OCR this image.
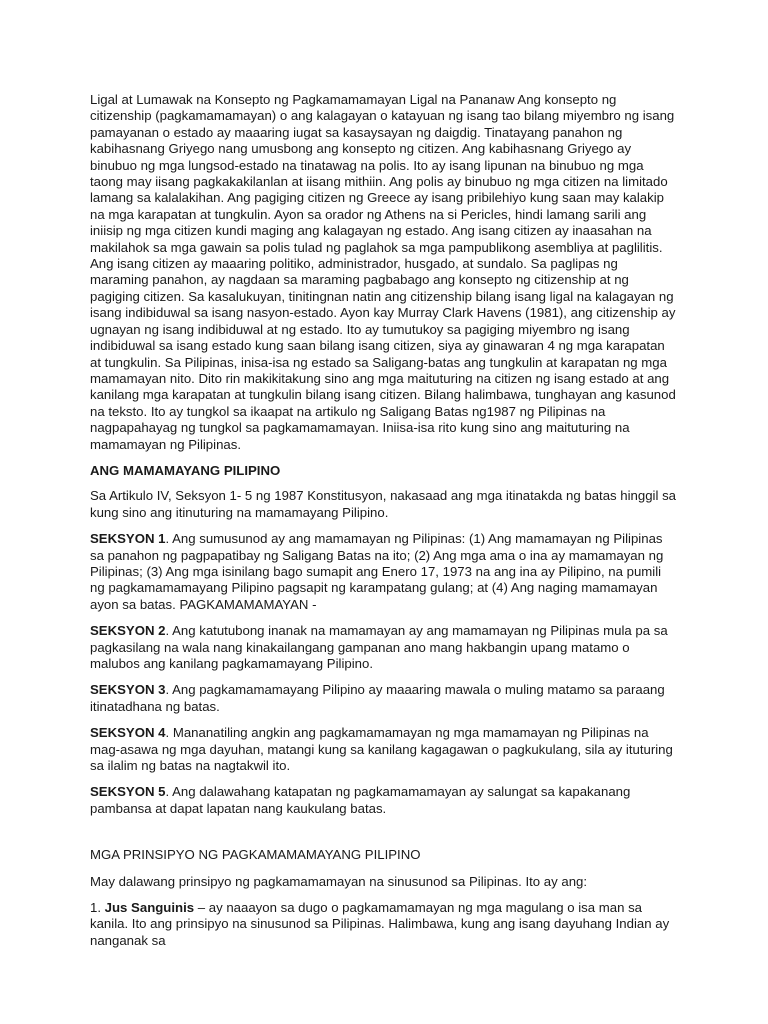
Ligal at Lumawak na Konsepto ng Pagkamamamayan Ligal na Pananaw Ang konsepto ng citizenship (pagkamamamayan) o ang kalagayan o katayuan ng isang tao bilang miyembro ng isang pamayanan o estado ay maaaring iugat sa kasaysayan ng daigdig. Tinatayang panahon ng kabihasnang Griyego nang umusbong ang konsepto ng citizen. Ang kabihasnang Griyego ay binubuo ng mga lungsod-estado na tinatawag na polis. Ito ay isang lipunan na binubuo ng mga taong may iisang pagkakakilanlan at iisang mithiin. Ang polis ay binubuo ng mga citizen na limitado lamang sa kalalakihan. Ang pagiging citizen ng Greece ay isang pribilehiyo kung saan may kalakip na mga karapatan at tungkulin. Ayon sa orador ng Athens na si Pericles, hindi lamang sarili ang iniisip ng mga citizen kundi maging ang kalagayan ng estado. Ang isang citizen ay inaasahan na makilahok sa mga gawain sa polis tulad ng paglahok sa mga pampublikong asembliya at paglilitis. Ang isang citizen ay maaaring politiko, administrador, husgado, at sundalo. Sa paglipas ng maraming panahon, ay nagdaan sa maraming pagbabago ang konsepto ng citizenship at ng pagiging citizen. Sa kasalukuyan, tinitingnan natin ang citizenship bilang isang ligal na kalagayan ng isang indibiduwal sa isang nasyon-estado. Ayon kay Murray Clark Havens (1981), ang citizenship ay ugnayan ng isang indibiduwal at ng estado. Ito ay tumutukoy sa pagiging miyembro ng isang indibiduwal sa isang estado kung saan bilang isang citizen, siya ay ginawaran 4 ng mga karapatan at tungkulin. Sa Pilipinas, inisa-isa ng estado sa Saligang-batas ang tungkulin at karapatan ng mga mamamayan nito. Dito rin makikitakung sino ang mga maituturing na citizen ng isang estado at ang kanilang mga karapatan at tungkulin bilang isang citizen. Bilang halimbawa, tunghayan ang kasunod na teksto. Ito ay tungkol sa ikaapat na artikulo ng Saligang Batas ng1987 ng Pilipinas na nagpapahayag ng tungkol sa pagkamamamayan. Iniisa-isa rito kung sino ang maituturing na mamamayan ng Pilipinas.

ANG MAMAMAYANG PILIPINO

Sa Artikulo IV, Seksyon 1- 5 ng 1987 Konstitusyon, nakasaad ang mga itinatakda ng batas hinggil sa kung sino ang itinuturing na mamamayang Pilipino.

SEKSYON 1. Ang sumusunod ay ang mamamayan ng Pilipinas: (1) Ang mamamayan ng Pilipinas sa panahon ng pagpapatibay ng Saligang Batas na ito; (2) Ang mga ama o ina ay mamamayan ng Pilipinas; (3) Ang mga isinilang bago sumapit ang Enero 17, 1973 na ang ina ay Pilipino, na pumili ng pagkamamamayang Pilipino pagsapit ng karampatang gulang; at (4) Ang naging mamamayan ayon sa batas. PAGKAMAMAMAYAN -

SEKSYON 2. Ang katutubong inanak na mamamayan ay ang mamamayan ng Pilipinas mula pa sa pagkasilang na wala nang kinakailangang gampanan ano mang hakbangin upang matamo o malubos ang kanilang pagkamamayang Pilipino.

SEKSYON 3. Ang pagkamamamayang Pilipino ay maaaring mawala o muling matamo sa paraang itinatadhana ng batas.

SEKSYON 4. Mananatiling angkin ang pagkamamamayan ng mga mamamayan ng Pilipinas na mag-asawa ng mga dayuhan, matangi kung sa kanilang kagagawan o pagkukulang, sila ay ituturing sa ilalim ng batas na nagtakwil ito.

SEKSYON 5. Ang dalawahang katapatan ng pagkamamamayan ay salungat sa kapakanang pambansa at dapat lapatan nang kaukulang batas.

MGA PRINSIPYO NG PAGKAMAMAMAYANG PILIPINO

May dalawang prinsipyo ng pagkamamamayan na sinusunod sa Pilipinas. Ito ay ang:

1. Jus Sanguinis – ay naaayon sa dugo o pagkamamamayan ng mga magulang o isa man sa kanila. Ito ang prinsipyo na sinusunod sa Pilipinas. Halimbawa, kung ang isang dayuhang Indian ay nanganak sa
